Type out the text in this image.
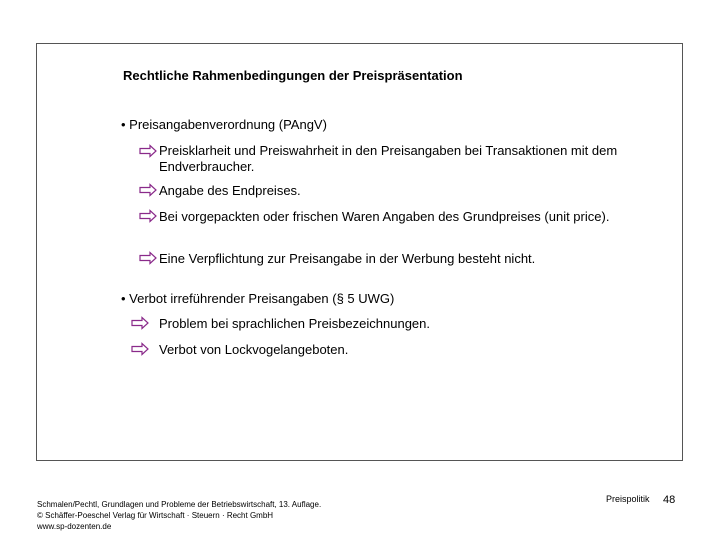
Rechtliche Rahmenbedingungen der Preispräsentation
• Preisangabenverordnung (PAngV)
Preisklarheit und Preiswahrheit in den Preisangaben bei Transaktionen mit dem Endverbraucher.
Angabe des Endpreises.
Bei vorgepackten oder frischen Waren Angaben des Grundpreises (unit price).
Eine Verpflichtung zur Preisangabe in der Werbung besteht nicht.
• Verbot irreführender Preisangaben (§ 5 UWG)
Problem bei sprachlichen Preisbezeichnungen.
Verbot von Lockvogelangeboten.
Schmalen/Pechtl, Grundlagen und Probleme der Betriebswirtschaft, 13. Auflage.
© Schäffer-Poeschel Verlag für Wirtschaft · Steuern · Recht GmbH
www.sp-dozenten.de
Preispolitik 48
